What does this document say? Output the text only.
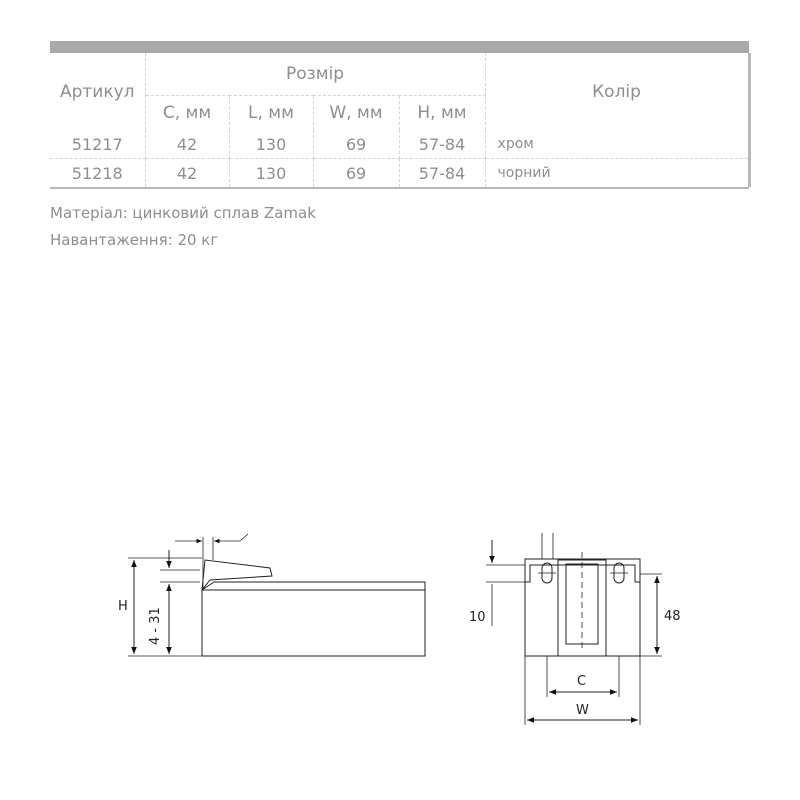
Артикул	Розмір				Колір
	C, мм	L, мм	W, мм	H, мм	
51217	42	130	69	57-84	хром
51218	42	130	69	57-84	чорний
Матеріал: цинковий сплав Zamak
Навантаження: 20 кг
H
4 - 31	10	48
C
W
